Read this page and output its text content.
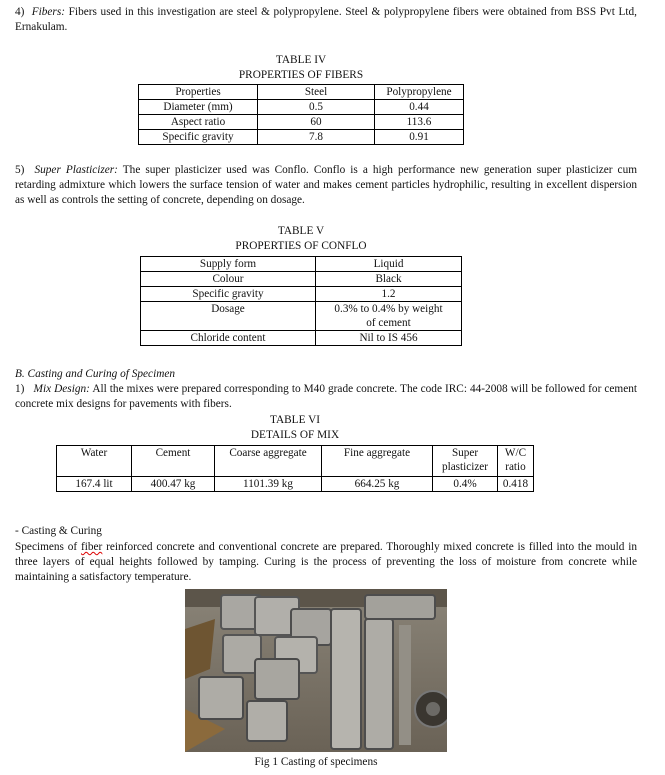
4) Fibers: Fibers used in this investigation are steel & polypropylene. Steel & polypropylene fibers were obtained from BSS Pvt Ltd, Ernakulam.

TABLE IV
PROPERTIES OF FIBERS
Properties	Steel	Polypropylene
Diameter (mm)	0.5	0.44
Aspect ratio	60	113.6
Specific gravity	7.8	0.91

5) Super Plasticizer: The super plasticizer used was Conflo. Conflo is a high performance new generation super plasticizer cum retarding admixture which lowers the surface tension of water and makes cement particles hydrophilic, resulting in excellent dispersion as well as controls the setting of concrete, depending on dosage.

TABLE V
PROPERTIES OF CONFLO
Supply form	Liquid
Colour	Black
Specific gravity	1.2
Dosage	0.3% to 0.4% by weight of cement
Chloride content	Nil to IS 456

B. Casting and Curing of Specimen

1) Mix Design: All the mixes were prepared corresponding to M40 grade concrete. The code IRC: 44-2008 will be followed for cement concrete mix designs for pavements with fibers.

TABLE VI
DETAILS OF MIX
Water	Cement	Coarse aggregate	Fine aggregate	Super plasticizer	W/C ratio
167.4 lit	400.47 kg	1101.39 kg	664.25 kg	0.4%	0.418

- Casting & Curing

Specimens of fiber reinforced concrete and conventional concrete are prepared. Thoroughly mixed concrete is filled into the mould in three layers of equal heights followed by tamping. Curing is the process of preventing the loss of moisture from concrete while maintaining a satisfactory temperature.

Fig 1 Casting of specimens
